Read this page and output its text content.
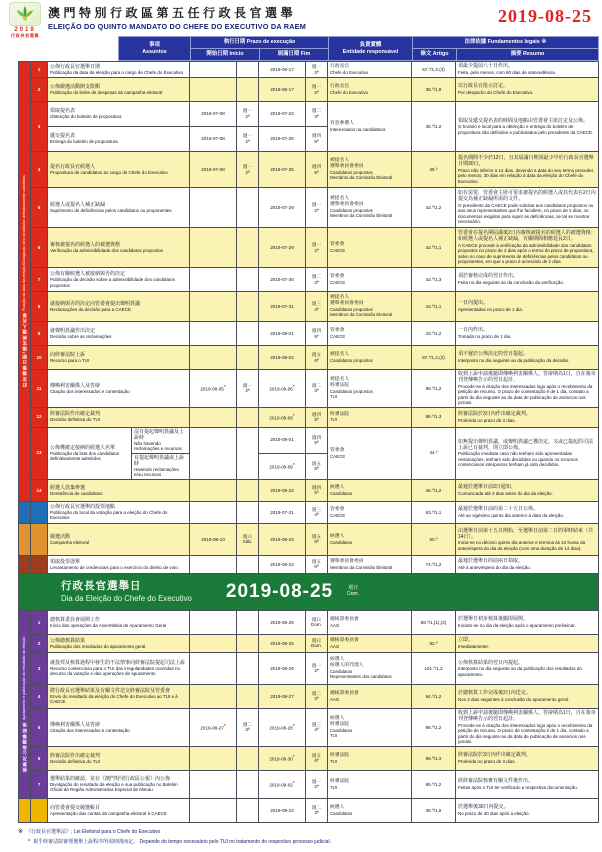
2019
行政長官選舉
澳門特別行政區第五任行政長官選舉
ELEIÇÃO DO QUINTO MANDATO DO CHEFE DO EXECUTIVO DA RAEM
2019-08-25
事項
Assuntos
	執行日期 Prazo de execução	負責實體
Entidade responsável
	法律依據 Fundamentos legais ※
	開始日期 Início	屆滿日期 Fim		條文 Artigo	摘要 Resumo
訂定選舉日期/確定候選人名單
Fixação da data da eleição/Divulgação dos candidatos definitivamente admitidos
	1	公佈行政長官選舉日期
Publicação da data da eleição para o cargo de Chefe do Executivo
			2019-06-17	
週一
2ª

行政長官
Chefe do Executivo
	57.º/1,2,(3)	須最少提前六十日作出。
Feita, pelo menos, com 60 dias de antecedência.

2	公佈競選活動開支限額
Publicação do limite de despesas da campanha eleitoral
			2019-06-17	
週一
2ª

行政長官
Chefe do Executivo
	38.º/1,9	以行政長官批示訂定。
Por despacho do Chefe do Executivo.

3	
領取提名表
Obtenção do boletim de propositura
	2019-07-08	
週一
2ª
	2019-07-23	
週二
3ª

有意參選人
Interessados na candidatura
	36.º/1,2	
領取及遞交提名表的時間及地點由管委會主席訂定及公佈。
O horário e local para a obtenção e entrega do boletim de propositura são definidos e publicitados pelo presidente da CAECE.

遞交提名表
Entrega do boletim de propositura
	2019-07-08	
週一
2ª
	2019-07-25	
週四
5ª

4	提名行政長官候選人
Propositura de candidatos ao cargo de Chefe do Executivo
	2019-07-08	
週一
2ª
	2019-07-25	
週四
5ª

被提名人
選舉委員會委員
Candidatos propostos
Membros da Comissão Eleitoral
	36.º	
提名期間不少於12日，且其屆滿日期須最少早於行政長官選舉日期30日。
Prazo não inferior a 12 dias, devendo a data do seu termo preceder, pelo menos, 30 dias em relação à data da eleição do Chefe do Executivo.

5	候選人或提名人補正缺漏
Suprimento de deficiências pelos candidatos ou proponentes
			2019-07-29	
週一
2ª

被提名人
選舉委員會委員
Candidatos propostos
Membros da Comissão Eleitoral
	42.º/1,2	
如有需要，管委會主席可要求被提名的候選人或其代表在2日內提交為補正缺漏所需的文件。
O presidente da CAECE pode solicitar aos candidatos propostos ou aos seus representantes que lhe facultem, no prazo de 2 dias, os documentos exigidos para suprir as deficiências, se tal se mostrar necessário.

6	審核被提名的候選人的被選資格
Verificação da admissibilidade dos candidatos propostos
			2019-07-29	
週一
2ª

管委會
CAECE
	42.º/1,1	
管委會在提名期屆滿後2日內審核被提名的候選人的被選資格；如候選人或提名人補正缺漏，有關期間相應延長2日。
A CAECE procede à verificação da admissibilidade dos candidatos propostos no prazo de 2 dias após o termo do prazo de propositura, salvo no caso de suprimento de deficiências pelos candidatos ou proponentes, em que o prazo é acrescido de 2 dias.

7	
公佈有關候選人被接納與否的決定
Publicação da decisão sobre a admissibilidade dos candidatos propostos
			2019-07-30	
週二
3ª

管委會
CAECE
	42.º/1,3	須於審核完成的翌日作出。
Feita no dia seguinte ao da conclusão da verificação.

8	就接納與否的決定向管委會提出聲明異議
Reclamações da decisão para a CAECE
			2019-07-31	
週三
4ª

被提名人
選舉委員會委員
Candidatos propostos
Membros da Comissão Eleitoral
	43.º/1,1	一日內提出。
Apresentadas no prazo de 1 dia.

9	就聲明異議作出決定
Decisão sobre as reclamações
			2019-08-01	
週四
5ª

管委會
CAECE
	43.º/1,2	一日內作出。
Tomada no prazo de 1 dia.

10	向終審法院上訴
Recurso para o TUI
			2019-08-02	
週五
6ª

被提名人
Candidatos propostos
	87.º/1,2,(2)	須不遲於公佈決定的翌日提起。
Interposto no dia seguinte ao da publicação da decisão.

11	傳喚利害關係人及答辯
Citação dos interessados e contestação	2019-08-05*	週一
2ª	2019-08-06*	週二
3ª

被提名人
終審法院
Candidatos propostos
TUI
	88.º/1,2	
收到上訴申請後隨即傳喚利害關係人。答辯期為1日，自在報章刊登傳喚告示的翌日起計。
Procede-se à citação dos interessados logo após o recebimento da petição de recurso. O prazo de contestação é de 1 dia, contado a partir do dia seguinte ao da data de publicação de anúncios nos jornais.

12	終審法院作出確定裁判
Decisão definitiva do TUI			2019-08-08*	週四
5ª

終審法院
TUI
	88.º/1,3	終審法院於3日內作出確定裁判。
Proferida no prazo de 3 dias.

13	
公佈獲確定接納的候選人名單
Publicação da lista dos candidatos definitivamente admitidos

沒有提起聲明異議及上訴時
Não havendo reclamações e recursos
			2019-08-01	
週四
5ª

管委會
CAECE
	44.º	
如無提出聲明異議，或聲明異議已獲決定，又或已提起的司法上訴已有裁判，則立即公佈。
Publicação imediata caso não tenham sido apresentadas reclamações, tenham sido decididas ou quando os recursos contenciosos interpostos tenham já sido decididos.

有提起聲明異議或上訴時
Havendo reclamações e/ou recursos
	2019-08-09*	週五
6ª

14	候選人放棄參選
Desistência de candidatos
			2019-08-22	
週四
5ª

候選人
Candidatos
	45.º/1,2	最遲於選舉日前3日通知。
Comunicada até 3 dias antes do dia da eleição.

公佈行政長官選舉的投票地點
Publicação do local da votação para a eleição do Chefe do Executivo
			2019-07-31	
週三
4ª

管委會
CAECE
	63.º/1,1	最遲於選舉日前的第二十五日公佈。
Até ao vigésimo quinto dia anterior à data da eleição.

競選活動
Campanha eleitoral
	2019-08-10	
週六
Sáb.
	2019-08-23	
週五
6ª

候選人
Candidatos
	50.º	
由選舉日前第十五日開始，至選舉日前第二日的零時結束（共14日）。
Inicia-se no décimo quinto dia anterior e termina às 24 horas da antevéspera do dia da eleição (com uma duração de 14 dias).

領取投票憑單
Levantamento de credenciais para o exercício do direito de voto
			2019-08-23	
週五
6ª

選舉委員會委員
Membros da Comissão Eleitoral
	74.º/1,2	最遲於選舉日的前兩日領取。
Até à antevéspera do dia da eleição.

行政長官選舉日
Dia da Eleição do Chefe do Executivo 2019-08-25 週日
Dom.										

核算及公佈選舉結果
Apuramento e publicação do resultado da eleição
	1	總核算委員會展開工作
Início das operações da Assembleia de Apuramento Geral
			2019-08-25	
週日
Dom.

總核算委員會
AAG
	88.º/1,(1),(2)	於選舉日初步核算後隨即展開。
Iniciam-se no dia da eleição após o apuramento preliminar.

2	公佈總核算結果
Publicação dos resultados do apuramento geral
			2019-08-25	
週日
Dom.

總核算委員會
AAG
	92.º	立即。
Imediatamente.

3	
就投票及核算過程中發生的不法情事向終審法院提起司法上訴
Recurso contencioso para o TUI das irregularidades ocorridas no decurso da votação e das operações de apuramento
			2019-08-26	
週一
2ª

候選人
候選人的代理人
Candidatos
Representantes dos candidatos
	101.º/1,2	
公佈核算結果的翌日內提起。
Interposto no dia seguinte ao da publicação dos resultados do apuramento.

4	
將行政長官選舉結果及有關文件送交終審法院及管委會
Envio do resultado da eleição do Chefe do Executivo ao TUI e à CAECE
			2019-08-27	
週二
3ª

總核算委員會
AAG
	94.º/1,2	於總核算工作完成後2日內送交。
Nos 2 dias seguintes à conclusão do apuramento geral.

5	傳喚利害關係人及答辯
Citação dos interessados e contestação	2019-08-27*	週二
3ª	2019-08-28*	週三
4ª

候選人
終審法院
Candidatos
TUI
	98.º/1,2	
收到上訴申請後隨即傳喚利害關係人。答辯期為1日，自在報章刊登傳喚告示的翌日起計。
Procede-se à citação dos interessados logo após o recebimento da petição de recurso. O prazo de contestação é de 1 dia, contado a partir do dia seguinte ao da data de publicação de anúncios nos jornais.

6	終審法院作出確定裁判
Decisão definitiva do TUI			2019-08-30*	週五
6ª

終審法院
TUI
	98.º/1,3	終審法院於3日內作出確定裁判。
Proferida no prazo de 3 dias.

7	
選舉結果的確認，並在《澳門特別行政區公報》內公佈
Divulgação do resultado da eleição e sua publicação no Boletim Oficial da Região Administrativa Especial de Macau
			2019-09-02*	週一
2ª

終審法院
TUI
	95.º/1,2	經終審法院核實有關文件後作出。
Feitas após o TUI ter verificado a respectiva documentação.

向管委會提交競選帳目
Apresentação das contas da campanha eleitoral à CAECE
			2019-09-24	
週二
3ª

候選人
Candidatos
	38.º/1,9	於選舉後30日內提交。
No prazo de 30 dias após a eleição.
※ 《行政長官選舉法》; Lei Eleitoral para o Chefe do Executivo
* 視乎終審法院審理選舉上訴程序所需時間而定。 Depende do tempo necessário pelo TUI no tratamento do respectivo processo judicial.
